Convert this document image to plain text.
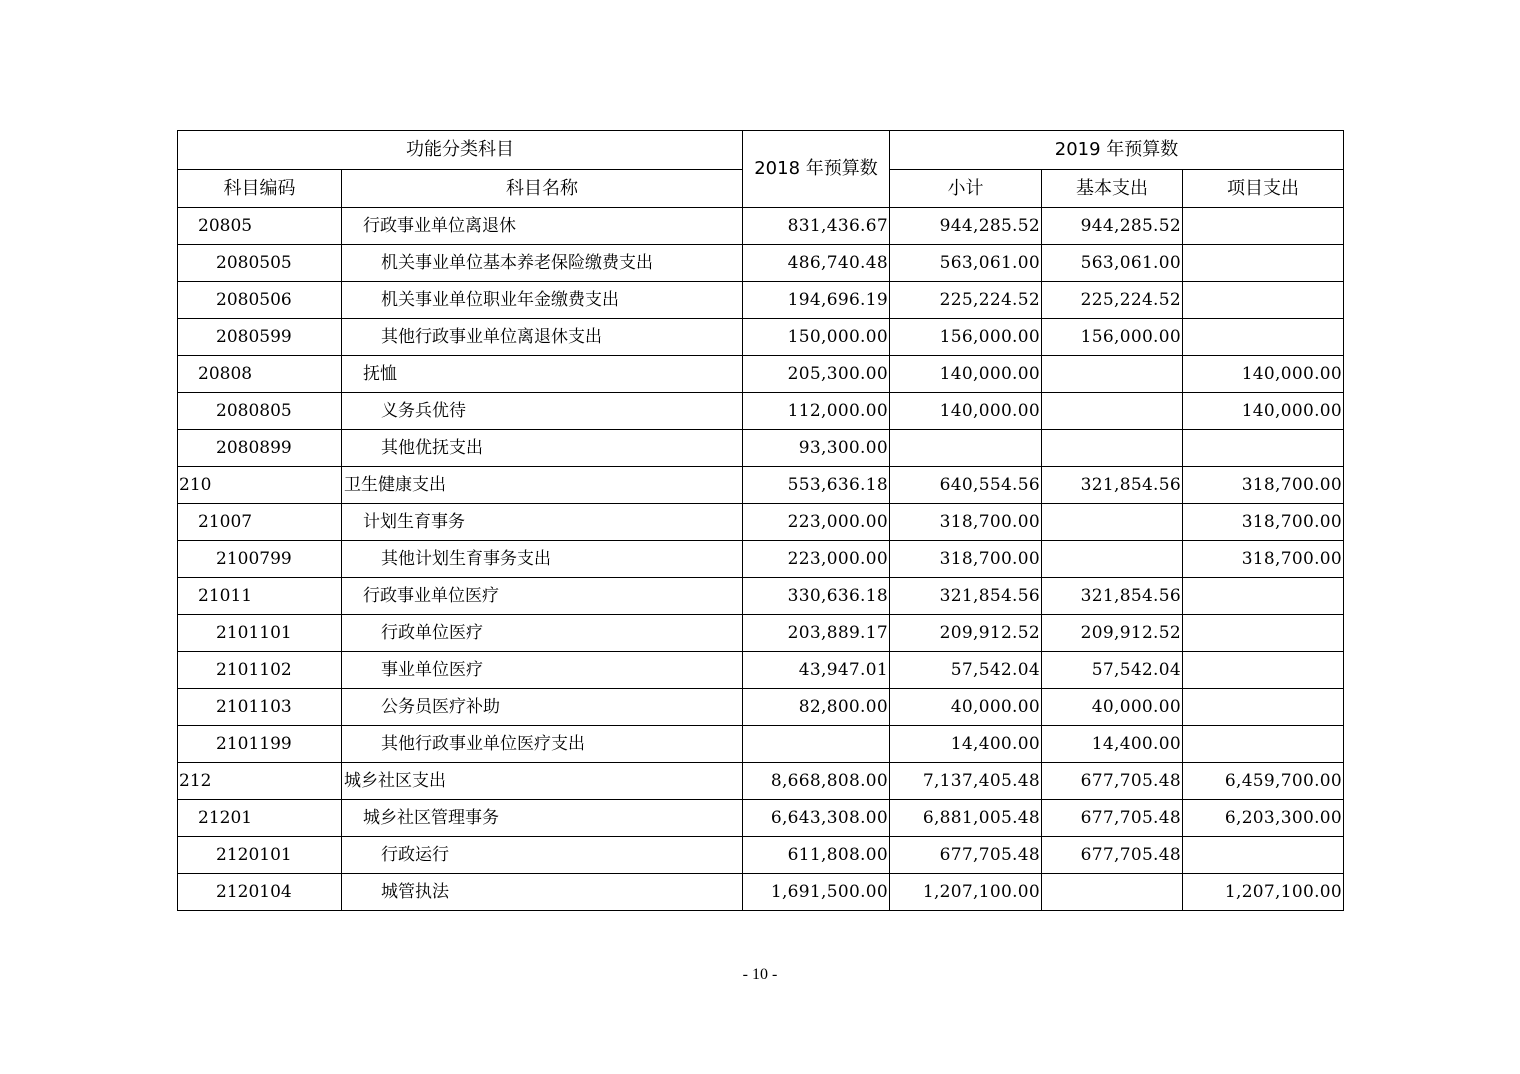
功能分类科目		2018 年预算数	2019 年预算数		
科目编码	科目名称		小计	基本支出	项目支出
20805	行政事业单位离退休	831,436.67	944,285.52	944,285.52	
2080505	机关事业单位基本养老保险缴费支出	486,740.48	563,061.00	563,061.00	
2080506	机关事业单位职业年金缴费支出	194,696.19	225,224.52	225,224.52	
2080599	其他行政事业单位离退休支出	150,000.00	156,000.00	156,000.00	
20808	抚恤	205,300.00	140,000.00		140,000.00
2080805	义务兵优待	112,000.00	140,000.00		140,000.00
2080899	其他优抚支出	93,300.00			
210	卫生健康支出	553,636.18	640,554.56	321,854.56	318,700.00
21007	计划生育事务	223,000.00	318,700.00		318,700.00
2100799	其他计划生育事务支出	223,000.00	318,700.00		318,700.00
21011	行政事业单位医疗	330,636.18	321,854.56	321,854.56	
2101101	行政单位医疗	203,889.17	209,912.52	209,912.52	
2101102	事业单位医疗	43,947.01	57,542.04	57,542.04	
2101103	公务员医疗补助	82,800.00	40,000.00	40,000.00	
2101199	其他行政事业单位医疗支出		14,400.00	14,400.00	
212	城乡社区支出	8,668,808.00	7,137,405.48	677,705.48	6,459,700.00
21201	城乡社区管理事务	6,643,308.00	6,881,005.48	677,705.48	6,203,300.00
2120101	行政运行	611,808.00	677,705.48	677,705.48	
2120104	城管执法	1,691,500.00	1,207,100.00		1,207,100.00
- 10 -
